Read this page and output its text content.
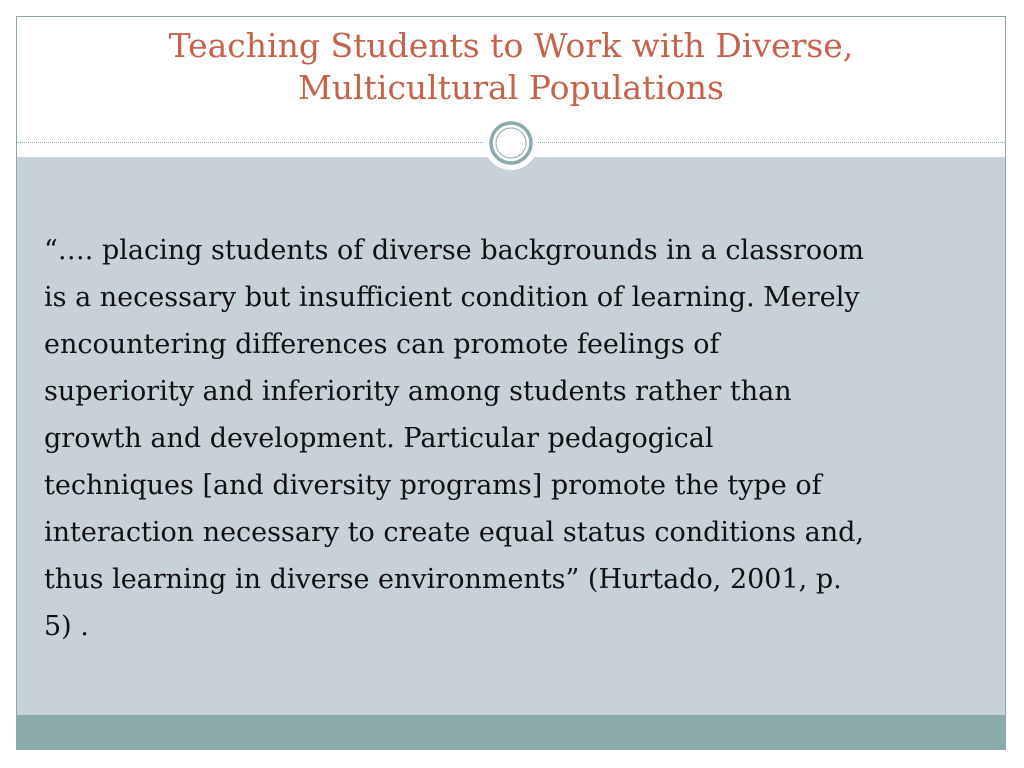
Teaching Students to Work with Diverse,
Multicultural Populations

“…. placing students of diverse backgrounds in a classroom
is a necessary but insufficient condition of learning. Merely
encountering differences can promote feelings of
superiority and inferiority among students rather than
growth and development. Particular pedagogical
techniques [and diversity programs] promote the type of
interaction necessary to create equal status conditions and,
thus learning in diverse environments” (Hurtado, 2001, p.
5) .
